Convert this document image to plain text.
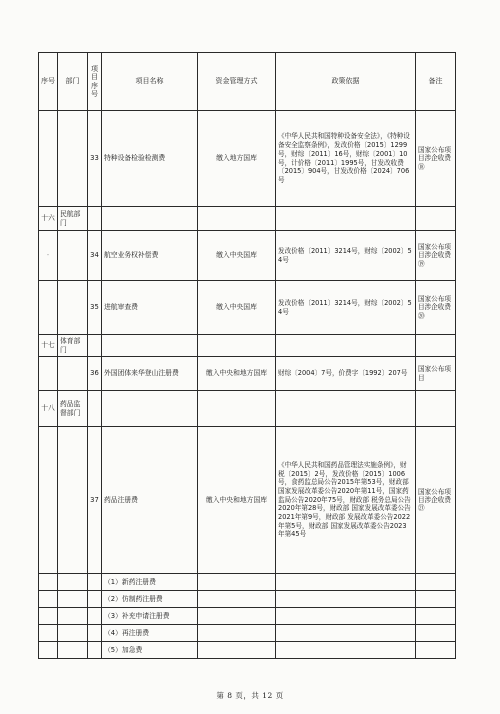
序号	部门	项目序号	项目名称	资金管理方式	政策依据	备注
		33	特种设备检验检测费	缴入地方国库	《中华人民共和国特种设备安全法》，《特种设备安全监察条例》，发改价格〔2015〕1299号，财综〔2011〕16号，财综〔2001〕10号，计价格〔2011〕1995号，甘发改收费〔2015〕904号，甘发改价格〔2024〕706号	国家公布项目涉企收费⑱
十六	民航部门					
-		34	航空业务权补偿费	缴入中央国库	发改价格〔2011〕3214号，财综〔2002〕54号	国家公布项目涉企收费⑲
		35	进航审查费	缴入中央国库	发改价格〔2011〕3214号，财综〔2002〕54号	国家公布项目涉企收费⑳
十七	体育部门					
		36	外国团体来华登山注册费	缴入中央和地方国库	财综〔2004〕7号，价费字〔1992〕207号	国家公布项目
十八	药品监督部门					
		37	药品注册费	缴入中央和地方国库	《中华人民共和国药品管理法实施条例》，财税〔2015〕2号，发改价格〔2015〕1006号，食药监总局公告2015年第53号，财政部 国家发展改革委公告2020年第11号，国家药监局公告2020年75号，财政部 税务总局公告2020年第28号，财政部 国家发展改革委公告2021年第9号，财政部 发展改革委公告2022年第5号，财政部 国家发展改革委公告2023年第45号	国家公布项目涉企收费㉑
			（1）新药注册费			
			（2）仿制药注册费			
			（3）补充申请注册费			
			（4）再注册费			
			（5）加急费			
第 8 页，共 12 页
